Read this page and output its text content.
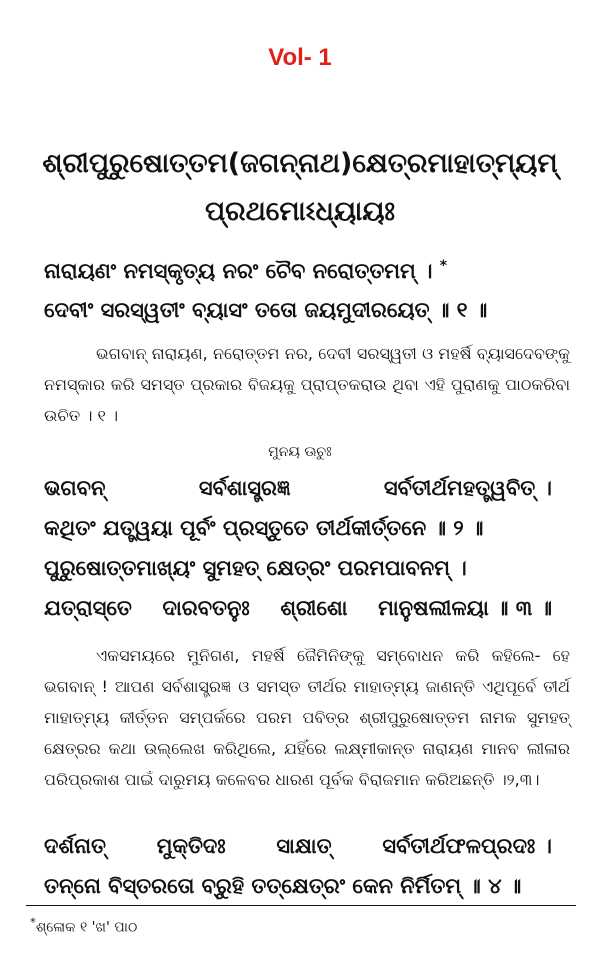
Vol- 1
ଶ୍ରୀପୁରୁଷୋତ୍ତମ(ଜଗନ୍ନାଥ)କ୍ଷେତ୍ରମାହାତ୍ମ୍ୟମ୍
ପ୍ରଥମୋଽଧ୍ୟାୟଃ
ନାରାୟଣଂ ନମସ୍କୃତ୍ୟ ନରଂ ଚୈବ ନରୋତ୍ତମମ୍ । *
ଦେବୀଂ ସରସ୍ୱତୀଂ ବ୍ୟାସଂ ତତୋ ଜୟମୁଦୀରୟେତ୍ ॥ ୧ ॥
ଭଗବାନ୍ ନାରାୟଣ, ନରୋତ୍ତମ ନର, ଦେବୀ ସରସ୍ୱତୀ ଓ ମହର୍ଷି ବ୍ୟାସଦେବଙ୍କୁ ନମସ୍କାର କରି ସମସ୍ତ ପ୍ରକାର ବିଜୟକୁ ପ୍ରାପ୍ତକରାଉ ଥିବା ଏହି ପୁରାଣକୁ ପାଠକରିବା ଉଚିତ । ୧ ।
ମୁନୟ ଊଚୁଃ
ଭଗବନ୍	ସର୍ବଶାସ୍ତ୍ରଜ୍ଞ	ସର୍ବତୀର୍ଥମହତ୍ତ୍ୱବିତ୍ ।
କଥିତଂ ଯତ୍ତ୍ୱୟା ପୂର୍ବଂ ପ୍ରସ୍ତୁତେ ତୀର୍ଥକୀର୍ତ୍ତନେ ॥ ୨ ॥
ପୁରୁଷୋତ୍ତମାଖ୍ୟଂ ସୁମହତ୍ କ୍ଷେତ୍ରଂ ପରମପାବନମ୍ ।
ଯତ୍ରାସ୍ତେ ଦାରବତନୁଃ ଶ୍ରୀଶୋ ମାନୁଷଲୀଳୟା ॥ ୩ ॥
ଏକସମୟରେ ମୁନିଗଣ, ମହର୍ଷି ଜୈମିନିଙ୍କୁ ସମ୍ବୋଧନ କରି କହିଲେ- ହେ ଭଗବାନ୍ ! ଆପଣ ସର୍ବଶାସ୍ତ୍ରଜ୍ଞ ଓ ସମସ୍ତ ତୀର୍ଥର ମାହାତ୍ମ୍ୟ ଜାଣନ୍ତି ଏଥିପୂର୍ବେ ତୀର୍ଥ ମାହାତ୍ମ୍ୟ କୀର୍ତ୍ତନ ସମ୍ପର୍କରେ ପରମ ପବିତ୍ର ଶ୍ରୀପୁରୁଷୋତ୍ତମ ନାମକ ସୁମହତ୍ କ୍ଷେତ୍ରର କଥା ଉଲ୍ଲେଖ କରିଥିଲେ, ଯହିଁରେ ଲକ୍ଷ୍ମୀକାନ୍ତ ନାରାୟଣ ମାନବ ଲୀଳାର ପରିପ୍ରକାଶ ପାଇଁ ଦାରୁମୟ କଳେବର ଧାରଣ ପୂର୍ବକ ବିରାଜମାନ କରିଅଛନ୍ତି ।୨,୩।
ଦର୍ଶନାତ୍ ମୁକ୍ତିଦଃ ସାକ୍ଷାତ୍ ସର୍ବତୀର୍ଥଫଳପ୍ରଦଃ ।
ତନ୍ନୋ ବିସ୍ତରତୋ ବ୍ରୁହି ତତ୍କ୍ଷେତ୍ରଂ କେନ ନିର୍ମିତମ୍ ॥ ୪ ॥
*ଶ୍ଳୋକ ୧ 'ଖ' ପାଠ
